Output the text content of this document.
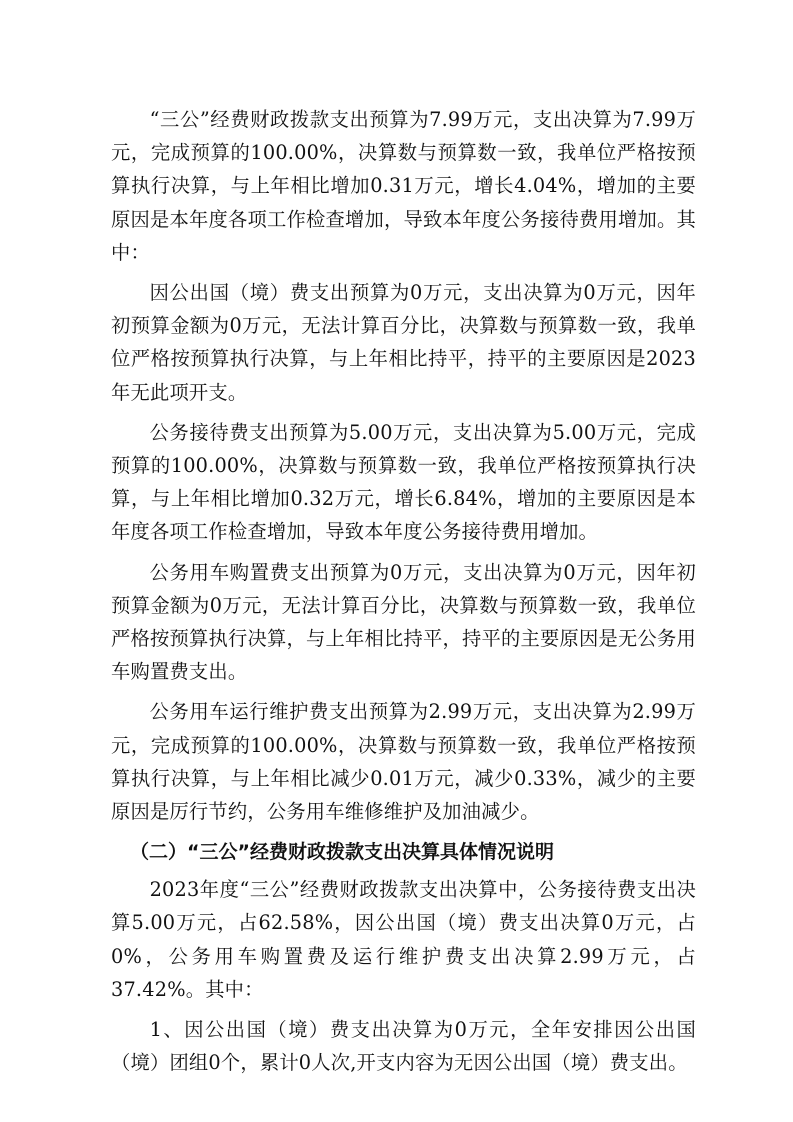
“三公”经费财政拨款支出预算为7.99万元，支出决算为7.99万元，完成预算的100.00%，决算数与预算数一致，我单位严格按预算执行决算，与上年相比增加0.31万元，增长4.04%，增加的主要原因是本年度各项工作检查增加，导致本年度公务接待费用增加。其中：

因公出国（境）费支出预算为0万元，支出决算为0万元，因年初预算金额为0万元，无法计算百分比，决算数与预算数一致，我单位严格按预算执行决算，与上年相比持平，持平的主要原因是2023年无此项开支。

公务接待费支出预算为5.00万元，支出决算为5.00万元，完成预算的100.00%，决算数与预算数一致，我单位严格按预算执行决算，与上年相比增加0.32万元，增长6.84%，增加的主要原因是本年度各项工作检查增加，导致本年度公务接待费用增加。

公务用车购置费支出预算为0万元，支出决算为0万元，因年初预算金额为0万元，无法计算百分比，决算数与预算数一致，我单位严格按预算执行决算，与上年相比持平，持平的主要原因是无公务用车购置费支出。

公务用车运行维护费支出预算为2.99万元，支出决算为2.99万元，完成预算的100.00%，决算数与预算数一致，我单位严格按预算执行决算，与上年相比减少0.01万元，减少0.33%，减少的主要原因是厉行节约，公务用车维修维护及加油减少。

（二）“三公”经费财政拨款支出决算具体情况说明

2023年度“三公”经费财政拨款支出决算中，公务接待费支出决算5.00万元，占62.58%，因公出国（境）费支出决算0万元，占0%，公务用车购置费及运行维护费支出决算2.99万元，占37.42%。其中：

1、因公出国（境）费支出决算为0万元，全年安排因公出国（境）团组0个，累计0人次,开支内容为无因公出国（境）费支出。
